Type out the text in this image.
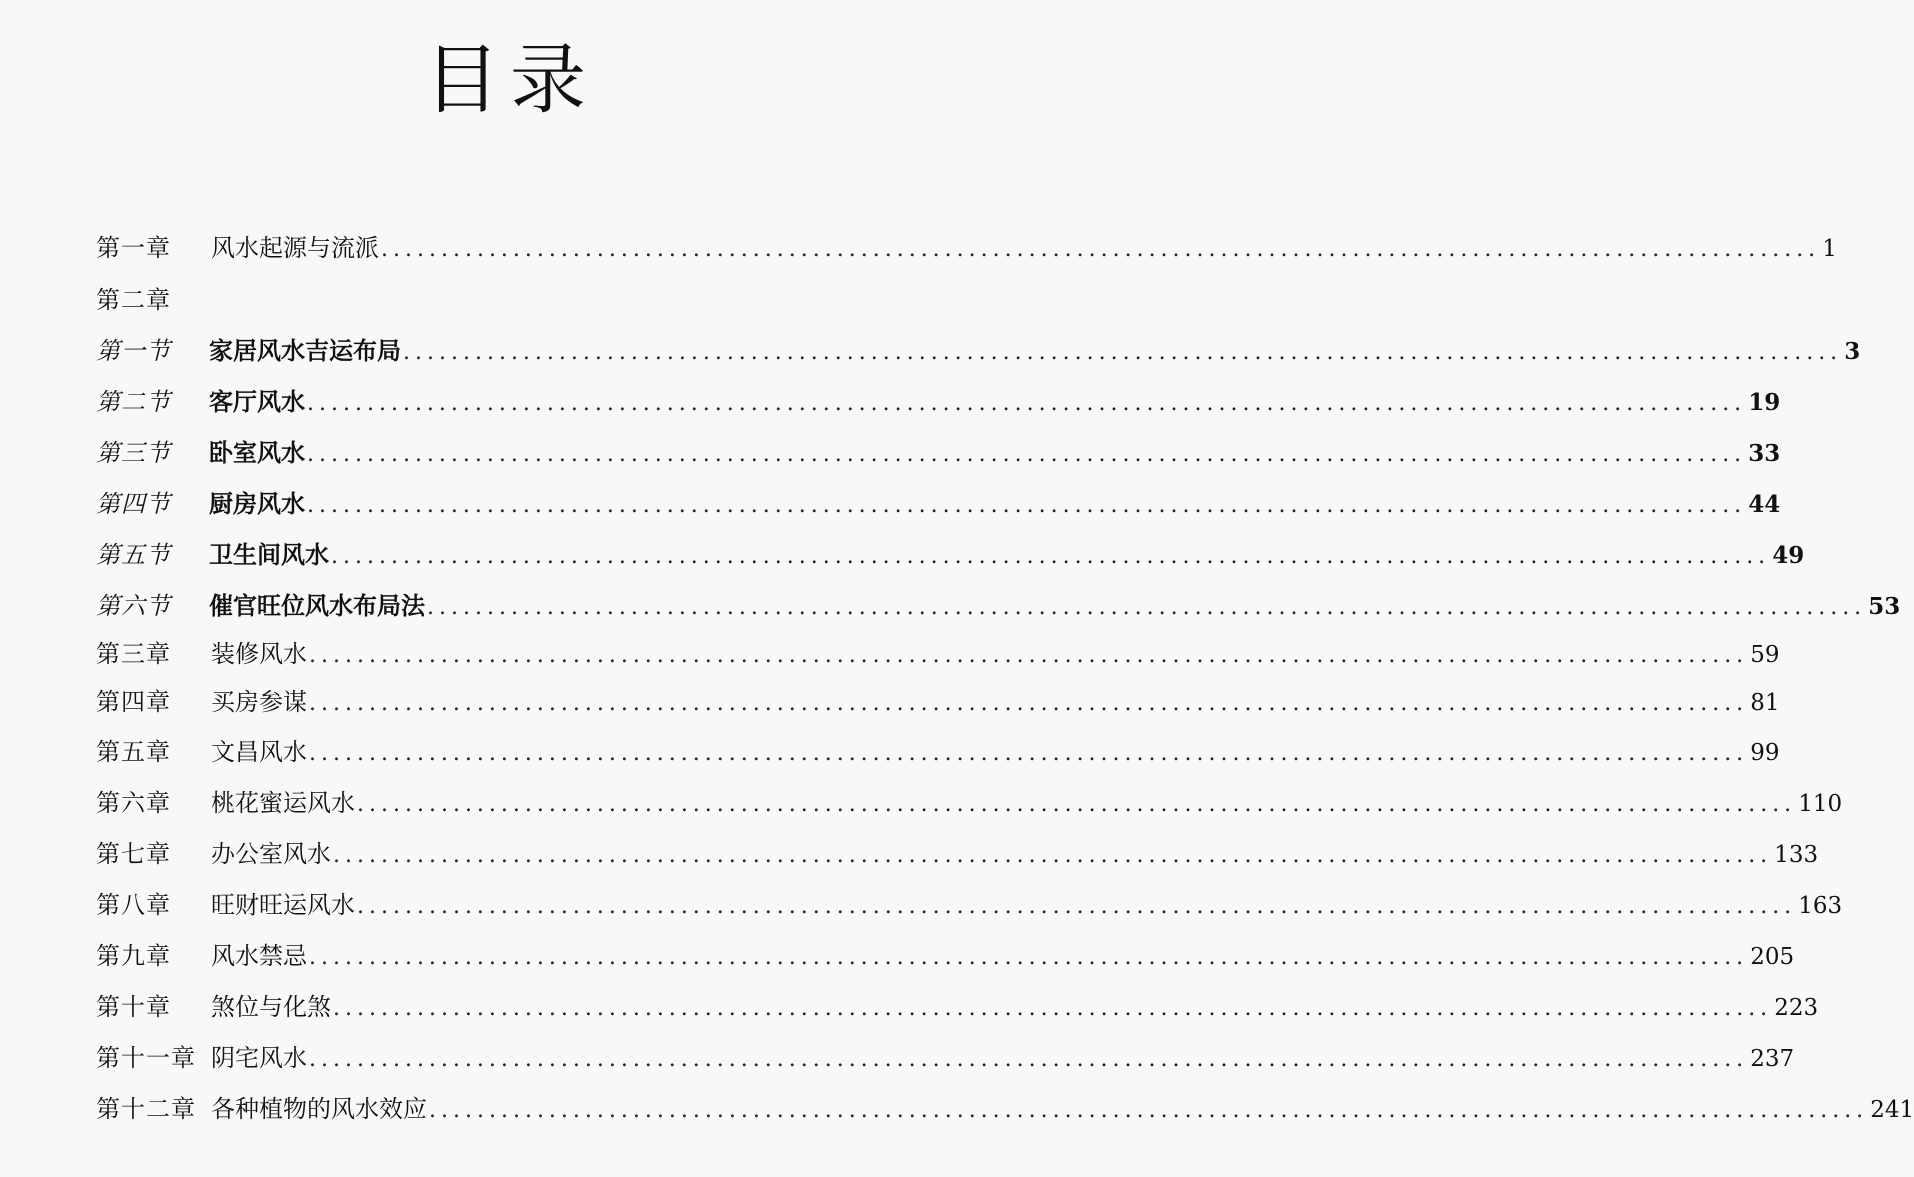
目录
第一章	风水起源与流派 ........................................................................................................................ 1
第二章
第一节	家居风水吉运布局 ........................................................................................................................ 3
第二节	客厅风水 ........................................................................................................................ 19
第三节	卧室风水 ........................................................................................................................ 33
第四节	厨房风水 ........................................................................................................................ 44
第五节	卫生间风水 ........................................................................................................................ 49
第六节	催官旺位风水布局法 ........................................................................................................................ 53
第三章	装修风水 ........................................................................................................................ 59
第四章	买房参谋 ........................................................................................................................ 81
第五章	文昌风水 ........................................................................................................................ 99
第六章	桃花蜜运风水 ........................................................................................................................ 110
第七章	办公室风水 ........................................................................................................................ 133
第八章	旺财旺运风水 ........................................................................................................................ 163
第九章	风水禁忌 ........................................................................................................................ 205
第十章	煞位与化煞 ........................................................................................................................ 223
第十一章 阴宅风水 ........................................................................................................................ 237
第十二章 各种植物的风水效应 ........................................................................................................................ 241
